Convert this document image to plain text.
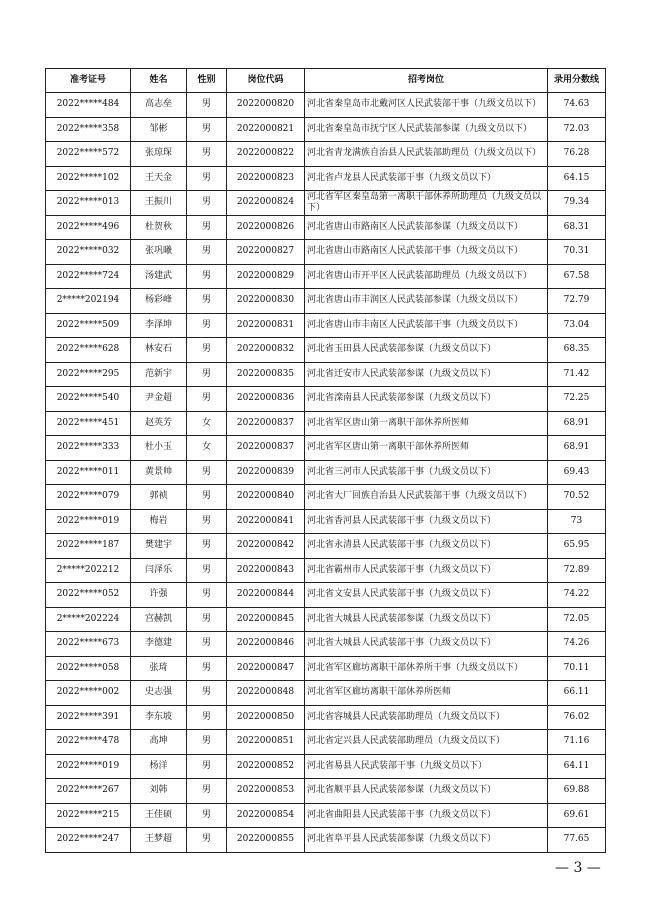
准考证号	姓名	性别	岗位代码	招考岗位	录用分数线
2022*****484	高志垒	男	2022000820	河北省秦皇岛市北戴河区人民武装部干事（九级文员以下）	74.63
2022*****358	邹彬	男	2022000821	河北省秦皇岛市抚宁区人民武装部参谋（九级文员以下）	72.03
2022*****572	张琼琛	男	2022000822	河北省青龙满族自治县人民武装部助理员（九级文员以下）	76.28
2022*****102	王天金	男	2022000823	河北省卢龙县人民武装部干事（九级文员以下）	64.15
2022*****013	王振川	男	2022000824	河北省军区秦皇岛第一离职干部休养所助理员（九级文员以下）	79.34
2022*****496	杜贺秋	男	2022000826	河北省唐山市路南区人民武装部参谋（九级文员以下）	68.31
2022*****032	张巩曦	男	2022000827	河北省唐山市路南区人民武装部干事（九级文员以下）	70.31
2022*****724	汤建武	男	2022000829	河北省唐山市开平区人民武装部助理员（九级文员以下）	67.58
2*****202194	杨彩峰	男	2022000830	河北省唐山市丰润区人民武装部参谋（九级文员以下）	72.79
2022*****509	李泽坤	男	2022000831	河北省唐山市丰南区人民武装部干事（九级文员以下）	73.04
2022*****628	林安石	男	2022000832	河北省玉田县人民武装部参谋（九级文员以下）	68.35
2022*****295	范新宇	男	2022000835	河北省迁安市人民武装部参谋（九级文员以下）	71.42
2022*****540	尹金超	男	2022000836	河北省滦南县人民武装部参谋（九级文员以下）	72.25
2022*****451	赵英芳	女	2022000837	河北省军区唐山第一离职干部休养所医师	68.91
2022*****333	杜小玉	女	2022000837	河北省军区唐山第一离职干部休养所医师	68.91
2022*****011	黄景帅	男	2022000839	河北省三河市人民武装部干事（九级文员以下）	69.43
2022*****079	郭祯	男	2022000840	河北省大厂回族自治县人民武装部干事（九级文员以下）	70.52
2022*****019	梅岩	男	2022000841	河北省香河县人民武装部干事（九级文员以下）	73
2022*****187	樊建宇	男	2022000842	河北省永清县人民武装部干事（九级文员以下）	65.95
2*****202212	闫泽乐	男	2022000843	河北省霸州市人民武装部干事（九级文员以下）	72.89
2022*****052	许强	男	2022000844	河北省文安县人民武装部干事（九级文员以下）	74.22
2*****202224	宫赫凯	男	2022000845	河北省大城县人民武装部参谋（九级文员以下）	72.05
2022*****673	李德建	男	2022000846	河北省大城县人民武装部干事（九级文员以下）	74.26
2022*****058	张琦	男	2022000847	河北省军区廊坊离职干部休养所干事（九级文员以下）	70.11
2022*****002	史志强	男	2022000848	河北省军区廊坊离职干部休养所医师	66.11
2022*****391	李东坡	男	2022000850	河北省容城县人民武装部助理员（九级文员以下）	76.02
2022*****478	高坤	男	2022000851	河北省定兴县人民武装部助理员（九级文员以下）	71.16
2022*****019	杨洋	男	2022000852	河北省易县人民武装部干事（九级文员以下）	64.11
2022*****267	刘韩	男	2022000853	河北省顺平县人民武装部参谋（九级文员以下）	69.88
2022*****215	王佳硕	男	2022000854	河北省曲阳县人民武装部干事（九级文员以下）	69.61
2022*****247	王梦超	男	2022000855	河北省阜平县人民武装部参谋（九级文员以下）	77.65
— 3 —
